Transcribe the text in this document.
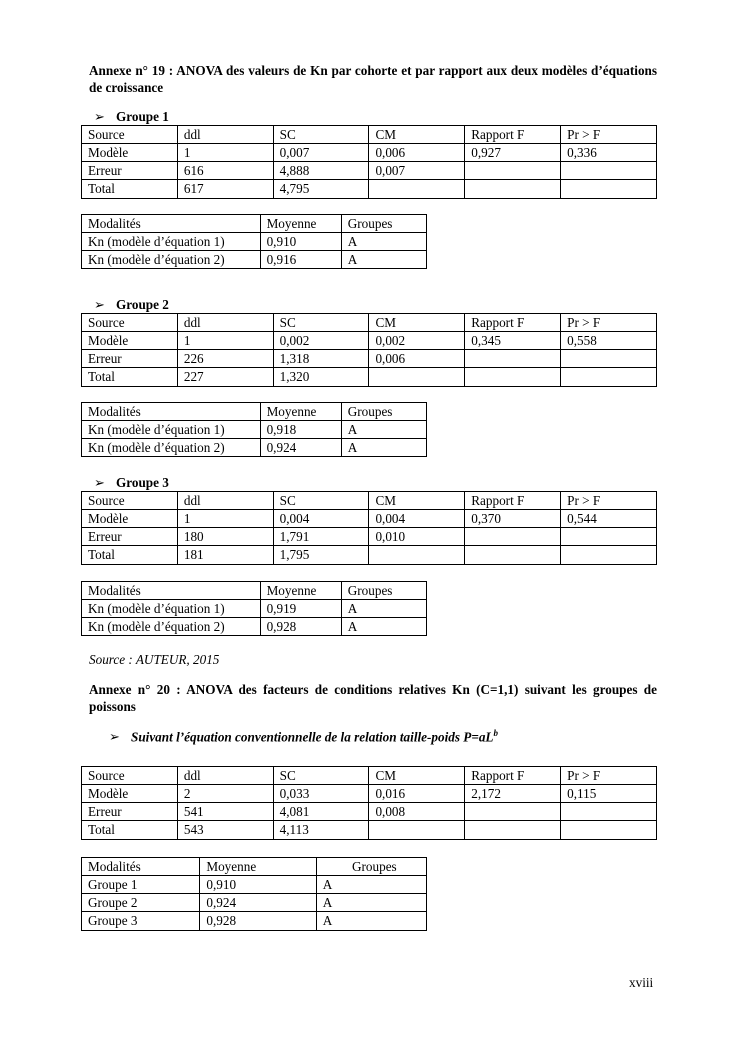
Annexe n° 19 : ANOVA des valeurs de Kn par cohorte et par rapport aux deux modèles d’équations de croissance

➢ Groupe 1
Source	ddl	SC	CM	Rapport F	Pr > F
Modèle	1	0,007	0,006	0,927	0,336
Erreur	616	4,888	0,007		
Total	617	4,795			
Modalités	Moyenne	Groupes
Kn (modèle d’équation 1)	0,910	A
Kn (modèle d’équation 2)	0,916	A
➢ Groupe 2
Source	ddl	SC	CM	Rapport F	Pr > F
Modèle	1	0,002	0,002	0,345	0,558
Erreur	226	1,318	0,006		
Total	227	1,320			
Modalités	Moyenne	Groupes
Kn (modèle d’équation 1)	0,918	A
Kn (modèle d’équation 2)	0,924	A
➢ Groupe 3
Source	ddl	SC	CM	Rapport F	Pr > F
Modèle	1	0,004	0,004	0,370	0,544
Erreur	180	1,791	0,010		
Total	181	1,795			
Modalités	Moyenne	Groupes
Kn (modèle d’équation 1)	0,919	A
Kn (modèle d’équation 2)	0,928	A
Source : AUTEUR, 2015

Annexe n° 20 : ANOVA des facteurs de conditions relatives Kn (C=1,1) suivant les groupes de poissons

➢ Suivant l’équation conventionnelle de la relation taille-poids $P=aL^b$
Source	ddl	SC	CM	Rapport F	Pr > F
Modèle	2	0,033	0,016	2,172	0,115
Erreur	541	4,081	0,008		
Total	543	4,113			
Modalités	Moyenne	Groupes
Groupe 1	0,910	A
Groupe 2	0,924	A
Groupe 3	0,928	A
xviii
